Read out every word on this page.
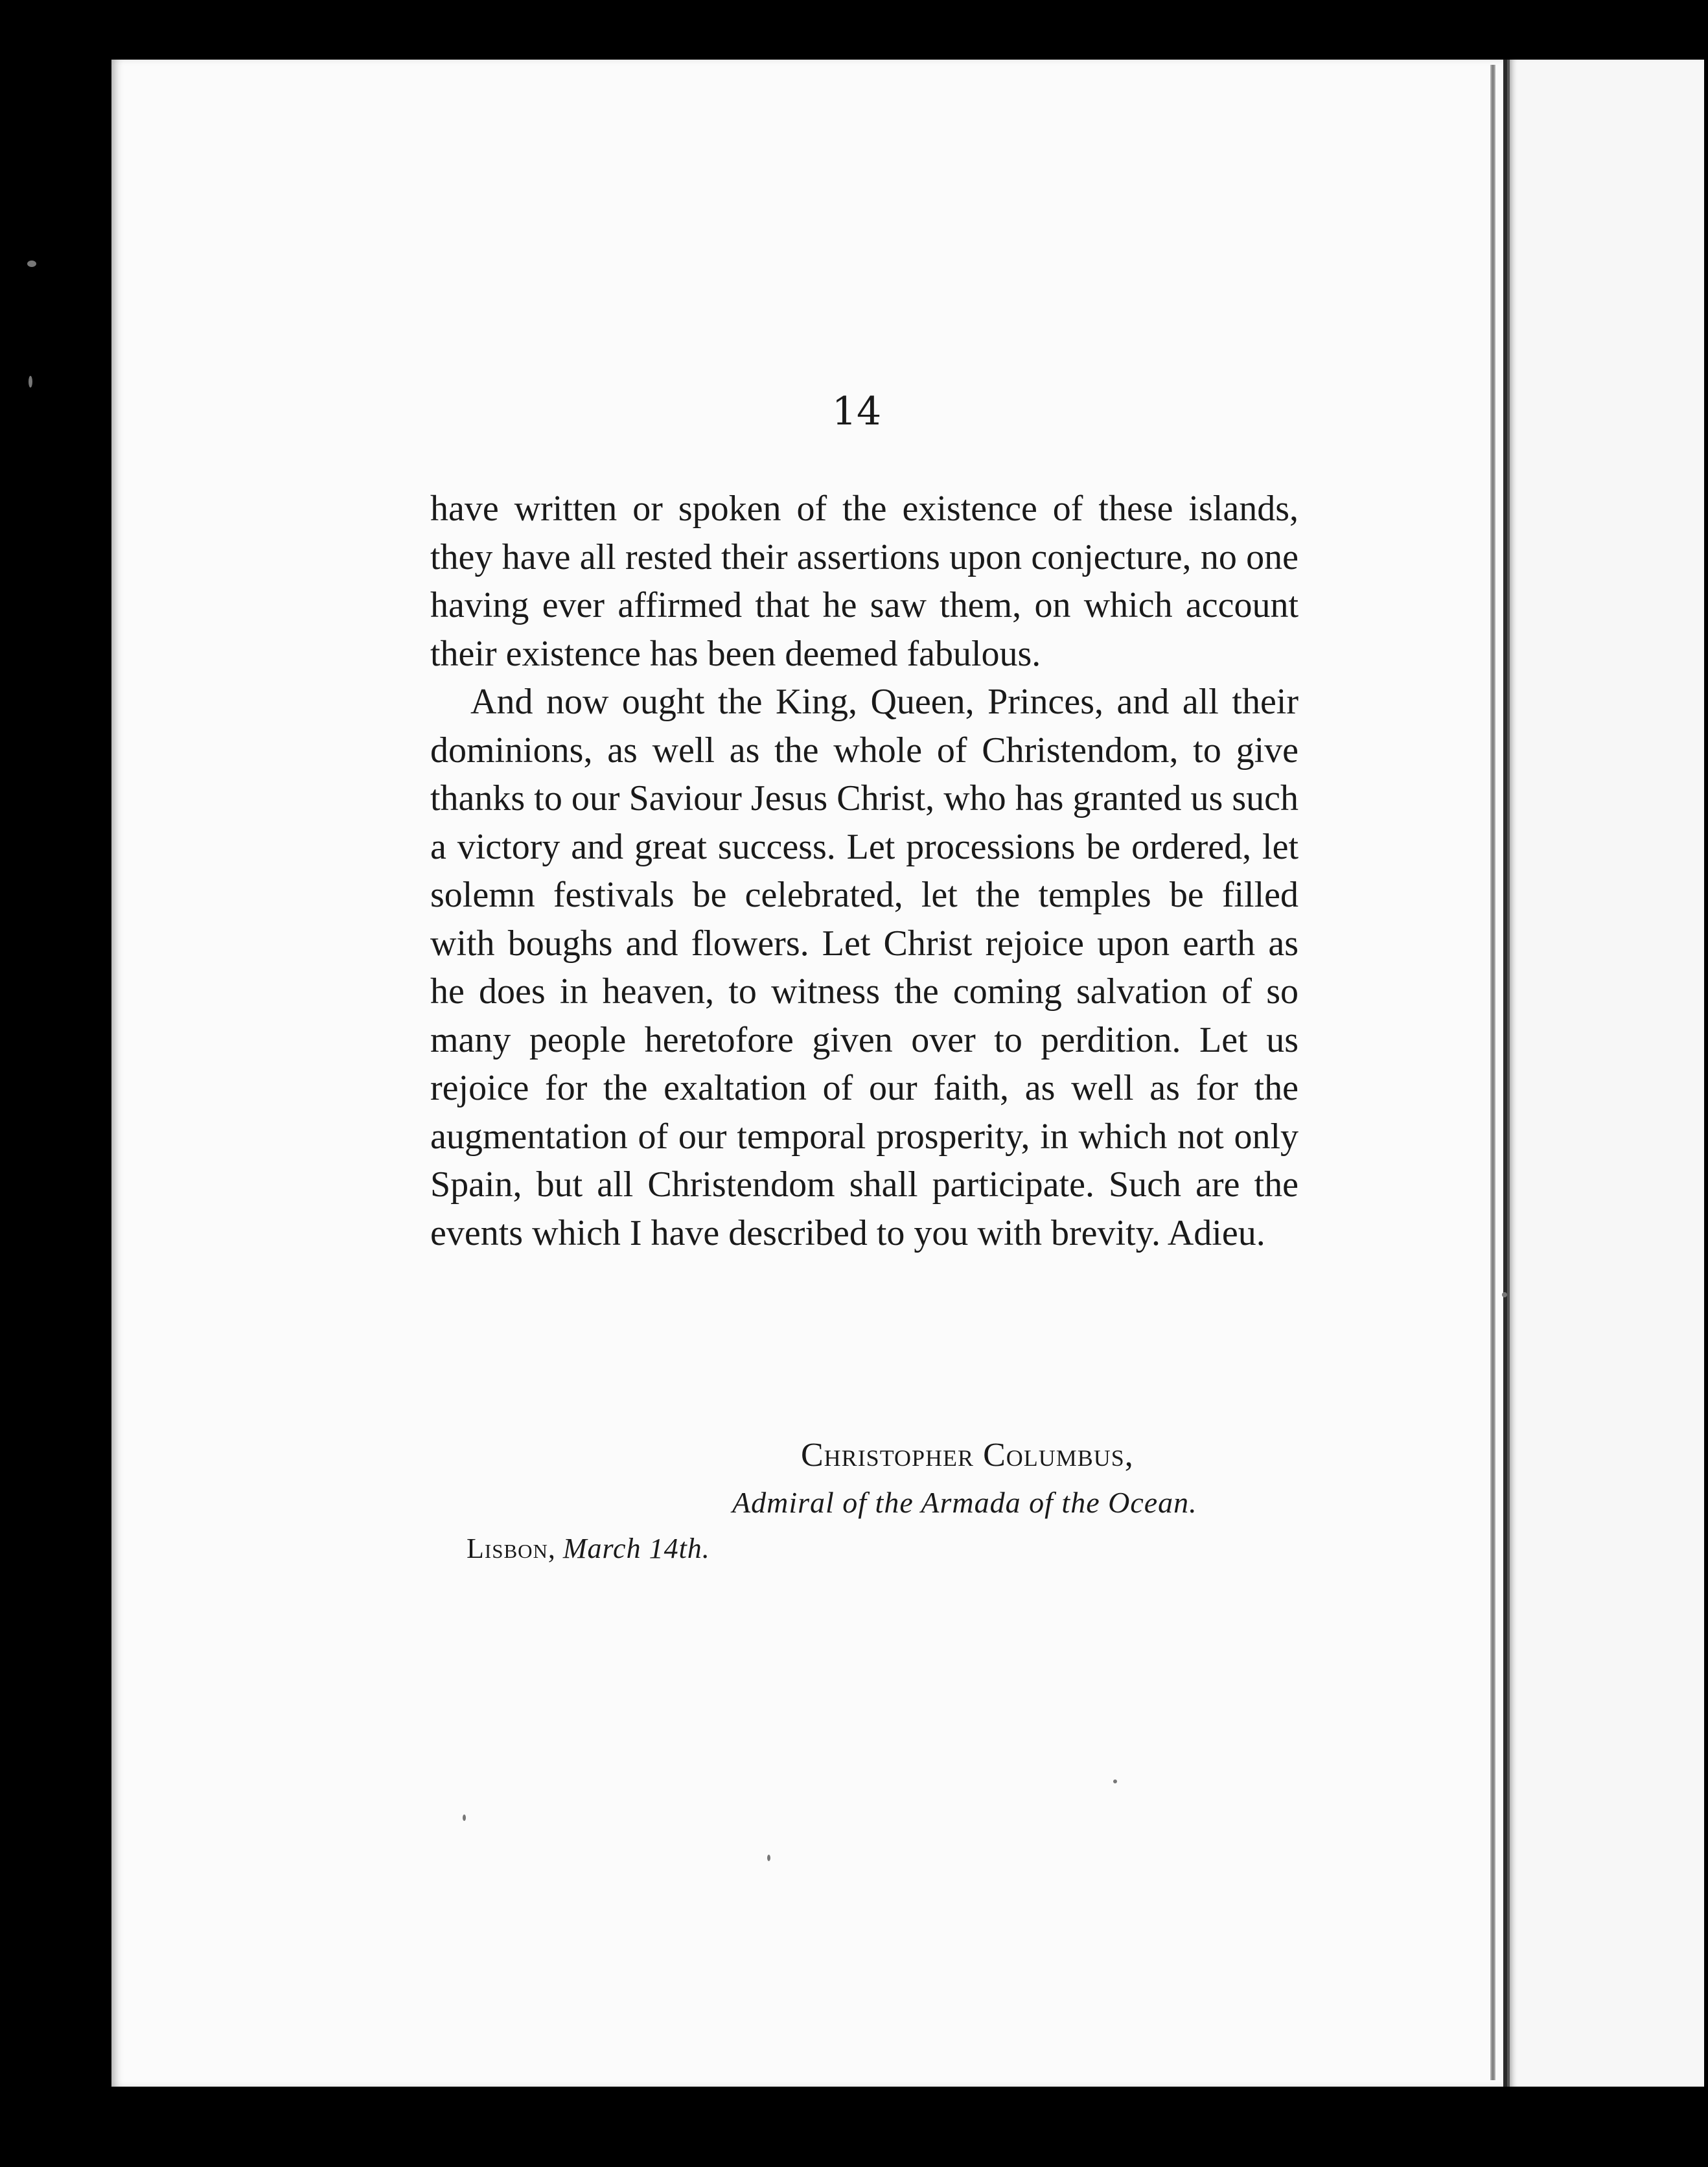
14

have written or spoken of the existence of these islands, they have all rested their assertions upon conjecture, no one having ever affirmed that he saw them, on which account their existence has been deemed fabulous.

And now ought the King, Queen, Princes, and all their dominions, as well as the whole of Christendom, to give thanks to our Saviour Jesus Christ, who has granted us such a victory and great success. Let processions be ordered, let solemn festivals be celebrated, let the temples be filled with boughs and flowers. Let Christ rejoice upon earth as he does in heaven, to witness the coming salvation of so many people heretofore given over to perdition. Let us rejoice for the exaltation of our faith, as well as for the augmentation of our temporal prosperity, in which not only Spain, but all Christendom shall participate. Such are the events which I have described to you with brevity. Adieu.

Christopher Columbus,
Admiral of the Armada of the Ocean.
Lisbon, March 14th.
